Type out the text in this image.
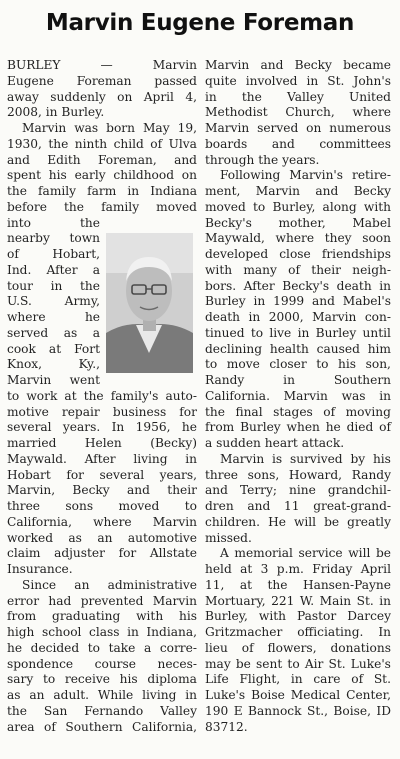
Marvin Eugene Foreman
BURLEY	—	Marvin
Eugene Foreman passed
away suddenly on April 4,
2008, in Burley.
Marvin was born May 19,
1930, the ninth child of Ulva
and Edith Foreman, and
spent his early childhood on
the family farm in Indiana
before the family moved
into	the
nearby town
of	Hobart,
Ind. After a
tour in the
U.S.	Army,
where	he
served as a
cook at Fort
Knox,	Ky.,
Marvin went
to work at the family's auto-
motive repair business for
several years. In 1956, he
married Helen (Becky)
Maywald. After living in
Hobart for several years,
Marvin, Becky and their
three sons moved to
California, where Marvin
worked as an automotive
claim adjuster for Allstate
Insurance.
Since an administrative
error had prevented Marvin
from graduating with his
high school class in Indiana,
he decided to take a corre-
spondence course neces-
sary to receive his diploma
as an adult. While living in
the San Fernando Valley
area of Southern California,
Marvin and Becky became
quite involved in St. John's
in the Valley United
Methodist Church, where
Marvin served on numerous
boards and committees
through the years.
Following Marvin's retire-
ment, Marvin and Becky
moved to Burley, along with
Becky's mother, Mabel
Maywald, where they soon
developed close friendships
with many of their neigh-
bors. After Becky's death in
Burley in 1999 and Mabel's
death in 2000, Marvin con-
tinued to live in Burley until
declining health caused him
to move closer to his son,
Randy	in	Southern
California. Marvin was in
the final stages of moving
from Burley when he died of
a sudden heart attack.
Marvin is survived by his
three sons, Howard, Randy
and Terry; nine grandchil-
dren and 11 great-grand-
children. He will be greatly
missed.
A memorial service will be
held at 3 p.m. Friday April
11, at the Hansen-Payne
Mortuary, 221 W. Main St. in
Burley, with Pastor Darcey
Gritzmacher officiating. In
lieu of flowers, donations
may be sent to Air St. Luke's
Life Flight, in care of St.
Luke's Boise Medical Center,
190 E Bannock St., Boise, ID
83712.
